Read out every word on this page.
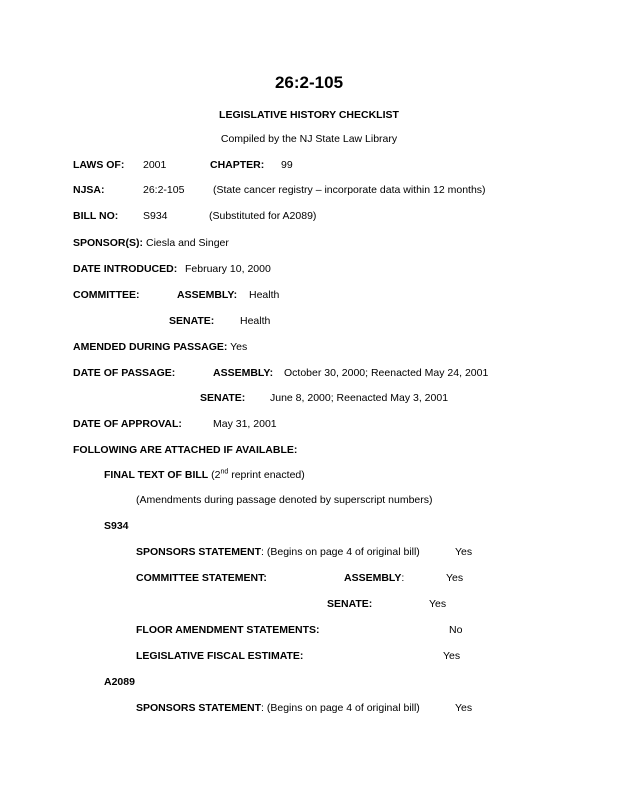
26:2-105
LEGISLATIVE HISTORY CHECKLIST
Compiled by the NJ State Law Library
LAWS OF: 2001	CHAPTER: 99
NJSA:	26:2-105	(State cancer registry – incorporate data within 12 months)
BILL NO: S934	(Substituted for A2089)
SPONSOR(S): Ciesla and Singer
DATE INTRODUCED: February 10, 2000
COMMITTEE:	ASSEMBLY: Health
SENATE: Health
AMENDED DURING PASSAGE: Yes
DATE OF PASSAGE:	ASSEMBLY: October 30, 2000; Reenacted May 24, 2001
SENATE: June 8, 2000; Reenacted May 3, 2001
DATE OF APPROVAL:	May 31, 2001
FOLLOWING ARE ATTACHED IF AVAILABLE:
FINAL TEXT OF BILL (2nd reprint enacted)
(Amendments during passage denoted by superscript numbers)
S934
SPONSORS STATEMENT: (Begins on page 4 of original bill)	Yes
COMMITTEE STATEMENT:	ASSEMBLY:	Yes
SENATE:	Yes
FLOOR AMENDMENT STATEMENTS:	No
LEGISLATIVE FISCAL ESTIMATE:	Yes
A2089
SPONSORS STATEMENT: (Begins on page 4 of original bill)	Yes
